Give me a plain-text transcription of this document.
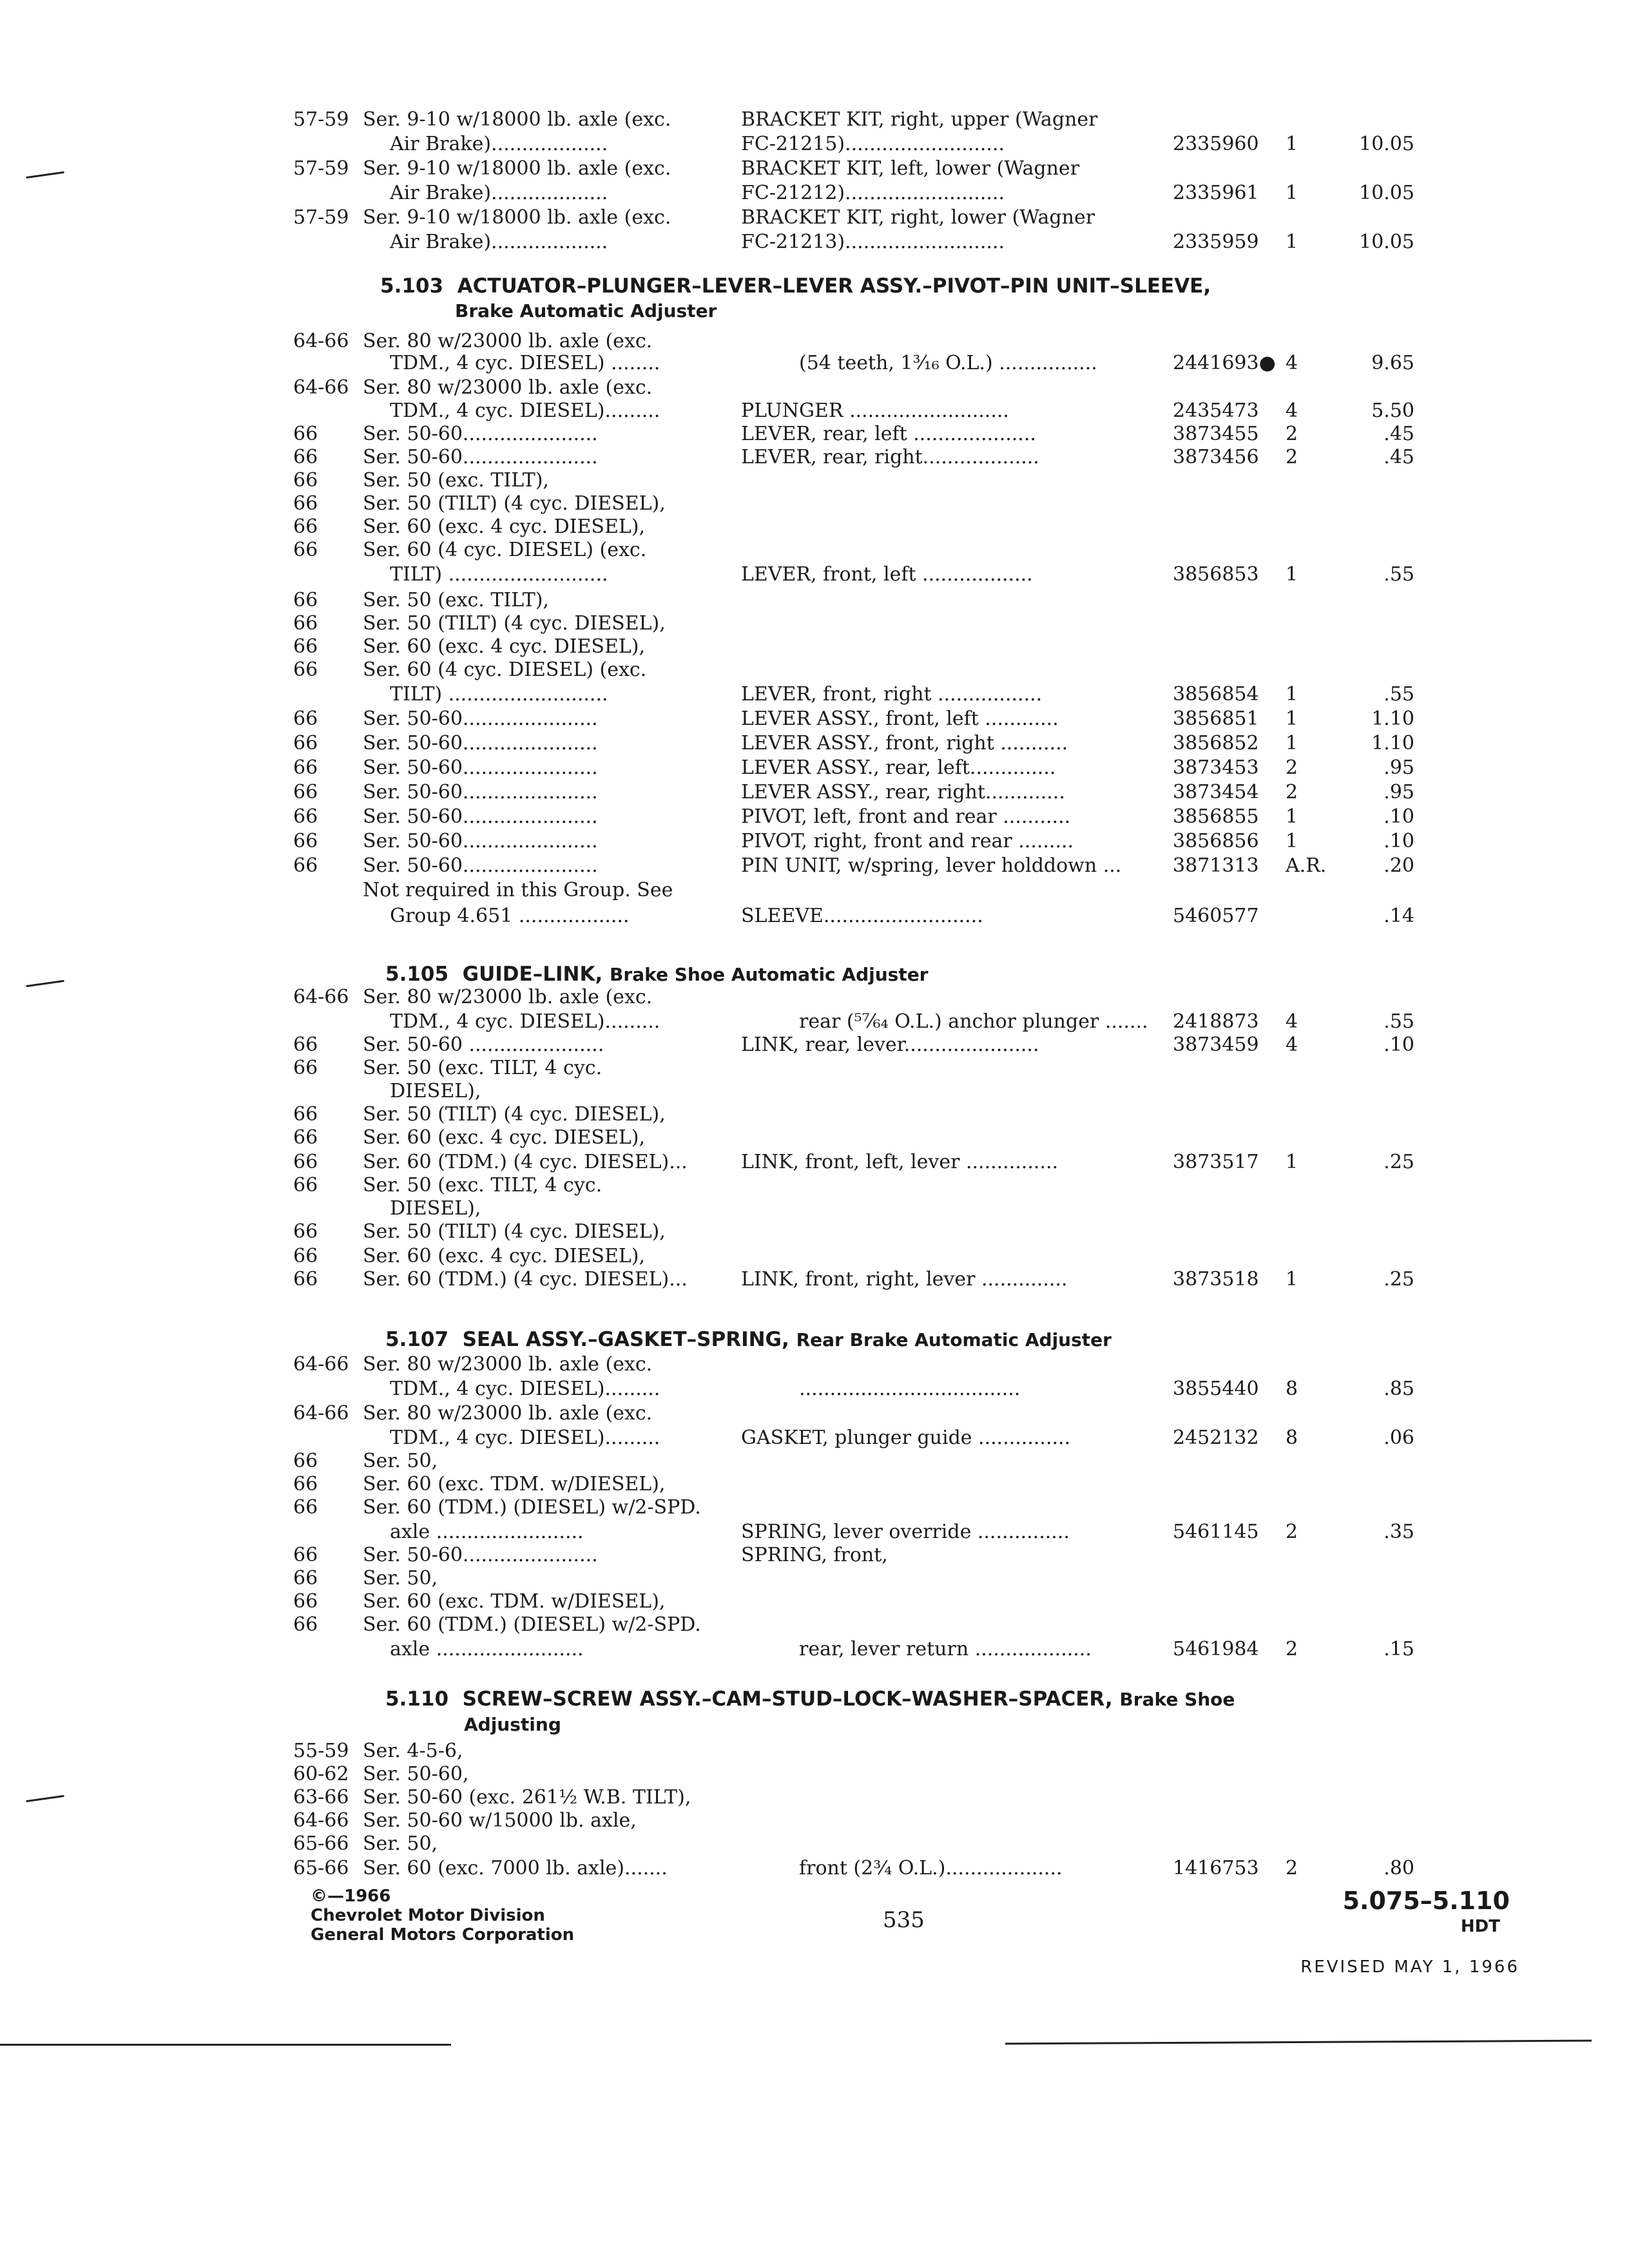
5.103 ACTUATOR–PLUNGER–LEVER–LEVER ASSY.–PIVOT–PIN UNIT–SLEEVE,
Brake Automatic Adjuster
5.105 GUIDE–LINK, Brake Shoe Automatic Adjuster
5.107 SEAL ASSY.–GASKET–SPRING, Rear Brake Automatic Adjuster
5.110 SCREW–SCREW ASSY.–CAM–STUD–LOCK–WASHER–SPACER, Brake Shoe
Adjusting
57-59 Ser. 9-10 w/18000 lb. axle (exc.	BRACKET KIT, right, upper (Wagner
Air Brake)...................	FC-21215)..........................	2335960 1	10.05
57-59 Ser. 9-10 w/18000 lb. axle (exc.	BRACKET KIT, left, lower (Wagner
Air Brake)...................	FC-21212)..........................	2335961 1	10.05
57-59 Ser. 9-10 w/18000 lb. axle (exc.	BRACKET KIT, right, lower (Wagner
Air Brake)...................	FC-21213)..........................	2335959 1	10.05
64-66 Ser. 80 w/23000 lb. axle (exc.
TDM., 4 cyc. DIESEL) ........	(54 teeth, 1³⁄₁₆ O.L.) ................	2441693● 4	9.65
64-66 Ser. 80 w/23000 lb. axle (exc.
TDM., 4 cyc. DIESEL).........	PLUNGER ..........................	2435473 4	5.50
66 Ser. 50-60......................	LEVER, rear, left ....................	3873455 2	.45
66 Ser. 50-60......................	LEVER, rear, right...................	3873456 2	.45
66 Ser. 50 (exc. TILT),
66 Ser. 50 (TILT) (4 cyc. DIESEL),
66 Ser. 60 (exc. 4 cyc. DIESEL),
66 Ser. 60 (4 cyc. DIESEL) (exc.
TILT) ..........................	LEVER, front, left ..................	3856853 1	.55
66 Ser. 50 (exc. TILT),
66 Ser. 50 (TILT) (4 cyc. DIESEL),
66 Ser. 60 (exc. 4 cyc. DIESEL),
66 Ser. 60 (4 cyc. DIESEL) (exc.
TILT) ..........................	LEVER, front, right .................	3856854 1	.55
66 Ser. 50-60......................	LEVER ASSY., front, left ............	3856851 1	1.10
66 Ser. 50-60......................	LEVER ASSY., front, right ...........	3856852 1	1.10
66 Ser. 50-60......................	LEVER ASSY., rear, left..............	3873453 2	.95
66 Ser. 50-60......................	LEVER ASSY., rear, right.............	3873454 2	.95
66 Ser. 50-60......................	PIVOT, left, front and rear ...........	3856855 1	.10
66 Ser. 50-60......................	PIVOT, right, front and rear .........	3856856 1	.10
66 Ser. 50-60......................	PIN UNIT, w/spring, lever holddown ...	3871313 A.R.	.20
Not required in this Group. See
Group 4.651 ..................	SLEEVE..........................	5460577	.14
64-66 Ser. 80 w/23000 lb. axle (exc.
TDM., 4 cyc. DIESEL).........	rear (⁵⁷⁄₆₄ O.L.) anchor plunger ....... 2418873 4	.55
66 Ser. 50-60 ......................	LINK, rear, lever......................	3873459 4	.10
66 Ser. 50 (exc. TILT, 4 cyc.
DIESEL),
66 Ser. 50 (TILT) (4 cyc. DIESEL),
66 Ser. 60 (exc. 4 cyc. DIESEL),
66 Ser. 60 (TDM.) (4 cyc. DIESEL)...	LINK, front, left, lever ...............	3873517 1	.25
66 Ser. 50 (exc. TILT, 4 cyc.
DIESEL),
66 Ser. 50 (TILT) (4 cyc. DIESEL),
66 Ser. 60 (exc. 4 cyc. DIESEL),
66 Ser. 60 (TDM.) (4 cyc. DIESEL)...	LINK, front, right, lever ..............	3873518 1	.25
64-66 Ser. 80 w/23000 lb. axle (exc.
TDM., 4 cyc. DIESEL).........	....................................	3855440 8	.85
64-66 Ser. 80 w/23000 lb. axle (exc.
TDM., 4 cyc. DIESEL).........	GASKET, plunger guide ...............	2452132 8	.06
66 Ser. 50,
66 Ser. 60 (exc. TDM. w/DIESEL),
66 Ser. 60 (TDM.) (DIESEL) w/2-SPD.
axle ........................	SPRING, lever override ...............	5461145 2	.35
66 Ser. 50-60......................	SPRING, front,
66 Ser. 50,
66 Ser. 60 (exc. TDM. w/DIESEL),
66 Ser. 60 (TDM.) (DIESEL) w/2-SPD.
axle ........................	rear, lever return ...................	5461984 2	.15
55-59 Ser. 4-5-6,
60-62 Ser. 50-60,
63-66 Ser. 50-60 (exc. 261½ W.B. TILT),
64-66 Ser. 50-60 w/15000 lb. axle,
65-66 Ser. 50,
65-66 Ser. 60 (exc. 7000 lb. axle).......	front (2¾ O.L.)...................	1416753 2	.80
©—1966
Chevrolet Motor Division
General Motors Corporation
535
5.075–5.110
HDT
REVISED MAY 1, 1966
